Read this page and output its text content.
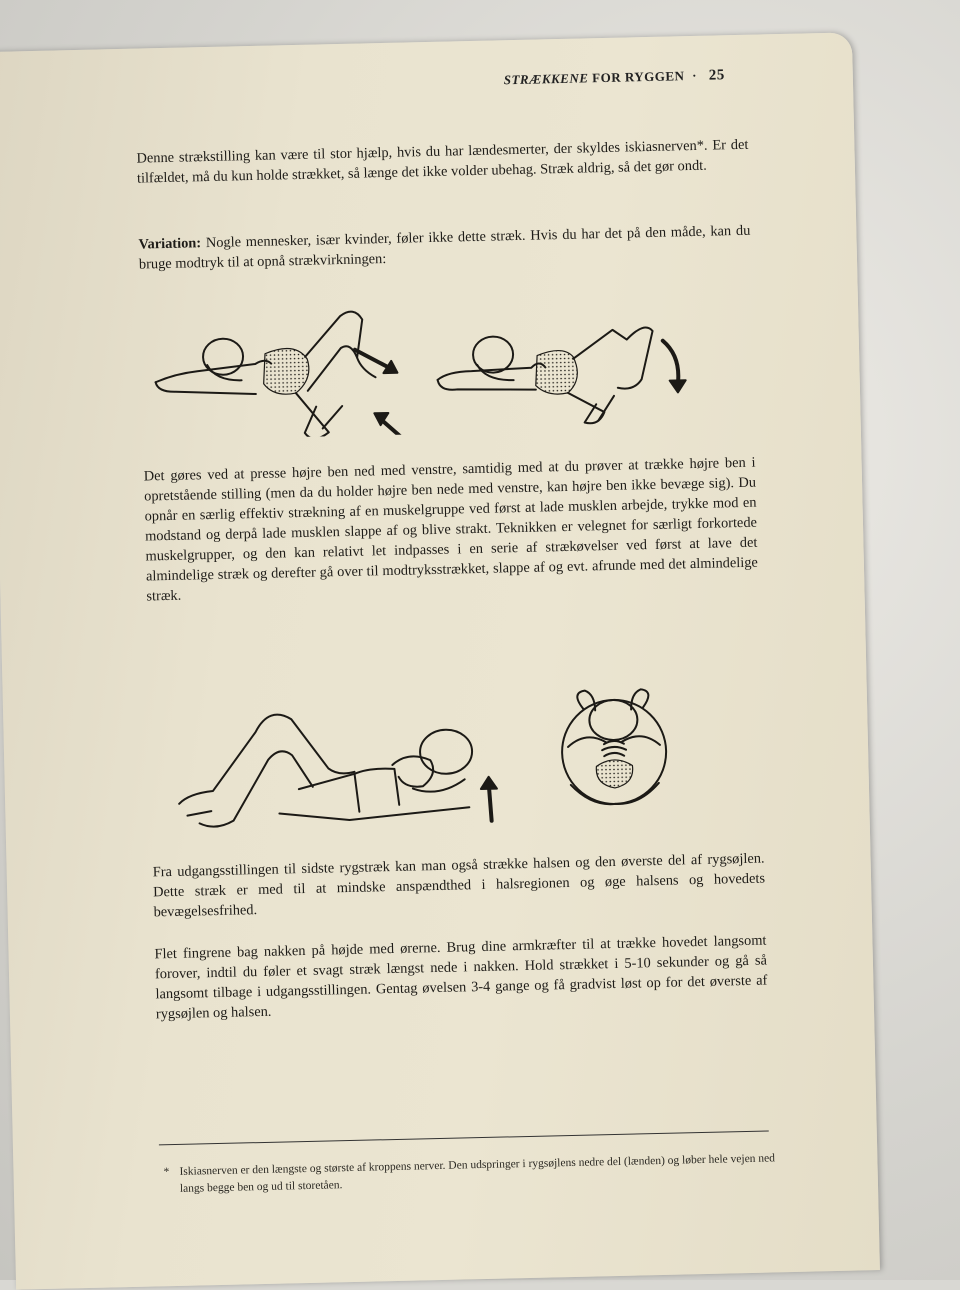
STRÆKKENE FOR RYGGEN · 25

Denne strækstilling kan være til stor hjælp, hvis du har lændesmerter, der skyldes iskiasnerven*. Er det tilfældet, må du kun holde strækket, så længe det ikke volder ubehag. Stræk aldrig, så det gør ondt.

Variation: Nogle mennesker, især kvinder, føler ikke dette stræk. Hvis du har det på den måde, kan du bruge modtryk til at opnå strækvirkningen:

Det gøres ved at presse højre ben ned med venstre, samtidig med at du prøver at trække højre ben i opretstående stilling (men da du holder højre ben nede med venstre, kan højre ben ikke bevæge sig). Du opnår en særlig effektiv strækning af en muskelgruppe ved først at lade musklen arbejde, trykke mod en modstand og derpå lade musklen slappe af og blive strakt. Teknikken er velegnet for særligt forkortede muskelgrupper, og den kan relativt let indpasses i en serie af strækøvelser ved først at lave det almindelige stræk og derefter gå over til modtryksstrækket, slappe af og evt. afrunde med det almindelige stræk.

Fra udgangsstillingen til sidste rygstræk kan man også strække halsen og den øverste del af rygsøjlen. Dette stræk er med til at mindske anspændthed i halsregionen og øge halsens og hovedets bevægelsesfrihed.

Flet fingrene bag nakken på højde med ørerne. Brug dine armkræfter til at trække hovedet langsomt forover, indtil du føler et svagt stræk længst nede i nakken. Hold strækket i 5-10 sekunder og gå så langsomt tilbage i udgangsstillingen. Gentag øvelsen 3-4 gange og få gradvist løst op for det øverste af rygsøjlen og halsen.

* Iskiasnerven er den længste og største af kroppens nerver. Den udspringer i rygsøjlens nedre del (lænden) og løber hele vejen ned langs begge ben og ud til storetåen.
